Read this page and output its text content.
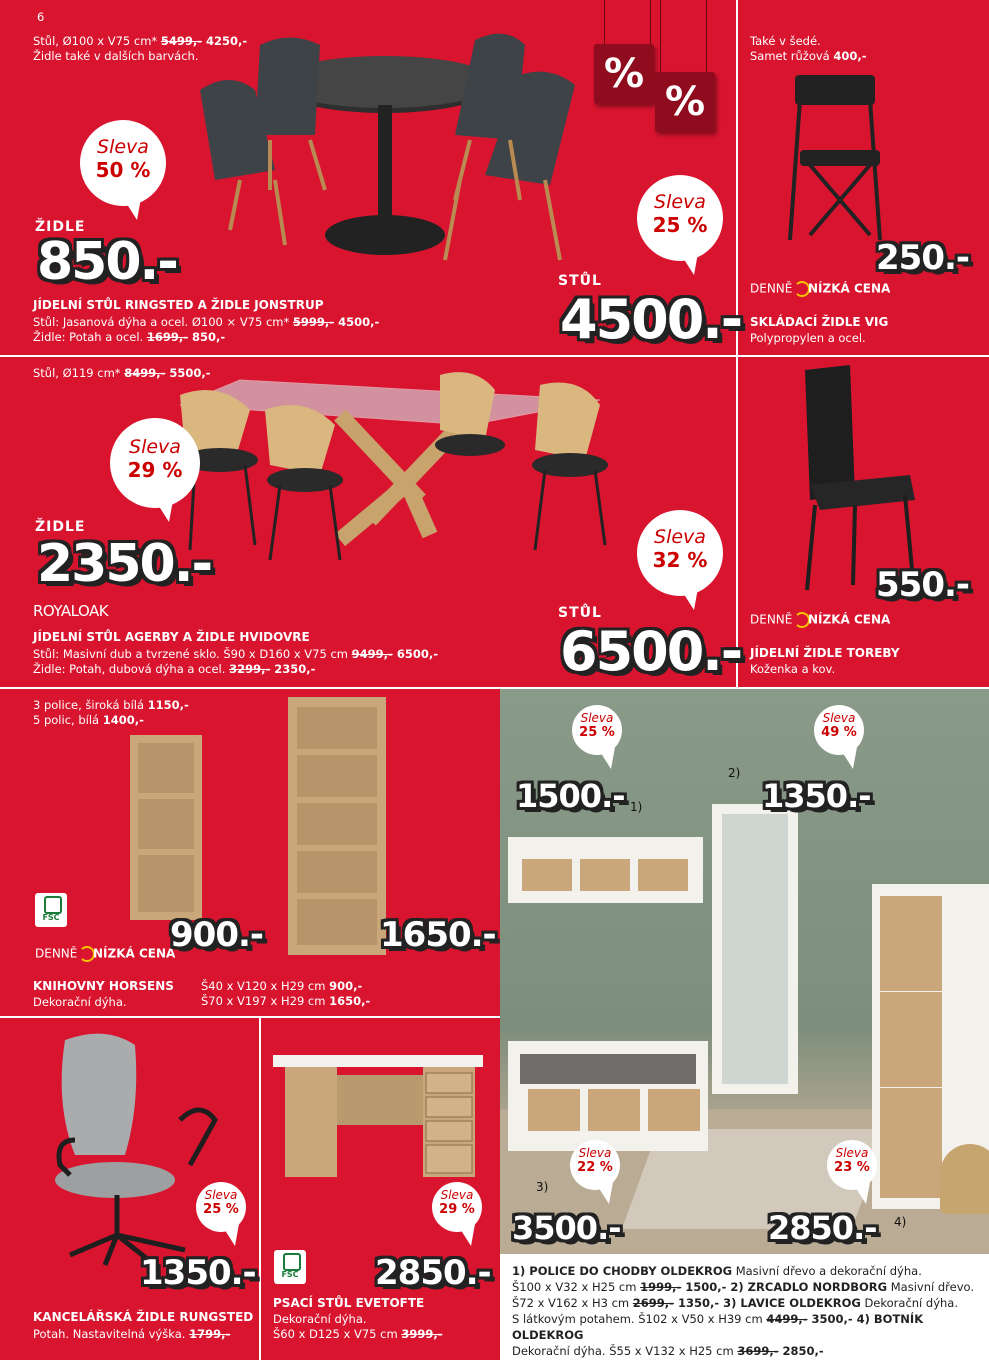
6
%
%
Stůl, Ø100 x V75 cm* 5499,- 4250,-
Židle také v dalších barvách.
Sleva
50 %
ŽIDLE
850.-
Sleva
25 %
STŮL
4500.-
JÍDELNÍ STŮL RINGSTED A ŽIDLE JONSTRUP
Stůl: Jasanová dýha a ocel. Ø100 × V75 cm* 5999,- 4500,-
Židle: Potah a ocel. 1699,- 850,-
Také v šedé.
Samet růžová 400,-
250.-
DENNĚ NÍZKÁ CENA
SKLÁDACÍ ŽIDLE VIG
Polypropylen a ocel.
Stůl, Ø119 cm* 8499,- 5500,-
Sleva
29 %
ŽIDLE
2350.-
ROYALOAK
Sleva
32 %
STŮL
6500.-
JÍDELNÍ STŮL AGERBY A ŽIDLE HVIDOVRE
Stůl: Masivní dub a tvrzené sklo. Š90 x D160 x V75 cm 9499,- 6500,-
Židle: Potah, dubová dýha a ocel. 3299,- 2350,-
550.-
DENNĚ NÍZKÁ CENA
JÍDELNÍ ŽIDLE TOREBY
Koženka a kov.
3 police, široká bílá 1150,-
5 polic, bílá 1400,-
FSC
DENNĚ NÍZKÁ CENA
900.-	1650.-
KNIHOVNY HORSENS
Dekorační dýha.
Š40 x V120 x H29 cm 900,-
Š70 x V197 x H29 cm 1650,-
Sleva
25 %
1350.-
KANCELÁŘSKÁ ŽIDLE RUNGSTED
Potah. Nastavitelná výška. 1799,-
Sleva
29 %
FSC 2850.-
PSACÍ STŮL EVETOFTE
Dekorační dýha.
Š60 x D125 x V75 cm 3999,-
Sleva
25 %
Sleva
49 %
Sleva
22 %
Sleva
23 %
1500.-	1350.-
3500.-	2850.-
1)
2)
3)
4)
1) POLICE DO CHODBY OLDEKROG Masivní dřevo a dekorační dýha.
Š100 x V32 x H25 cm 1999,- 1500,- 2) ZRCADLO NORDBORG Masivní dřevo.
Š72 x V162 x H3 cm 2699,- 1350,- 3) LAVICE OLDEKROG Dekorační dýha.
S látkovým potahem. Š102 x V50 x H39 cm 4499,- 3500,- 4) BOTNÍK OLDEKROG
Dekorační dýha. Š55 x V132 x H25 cm 3699,- 2850,-
